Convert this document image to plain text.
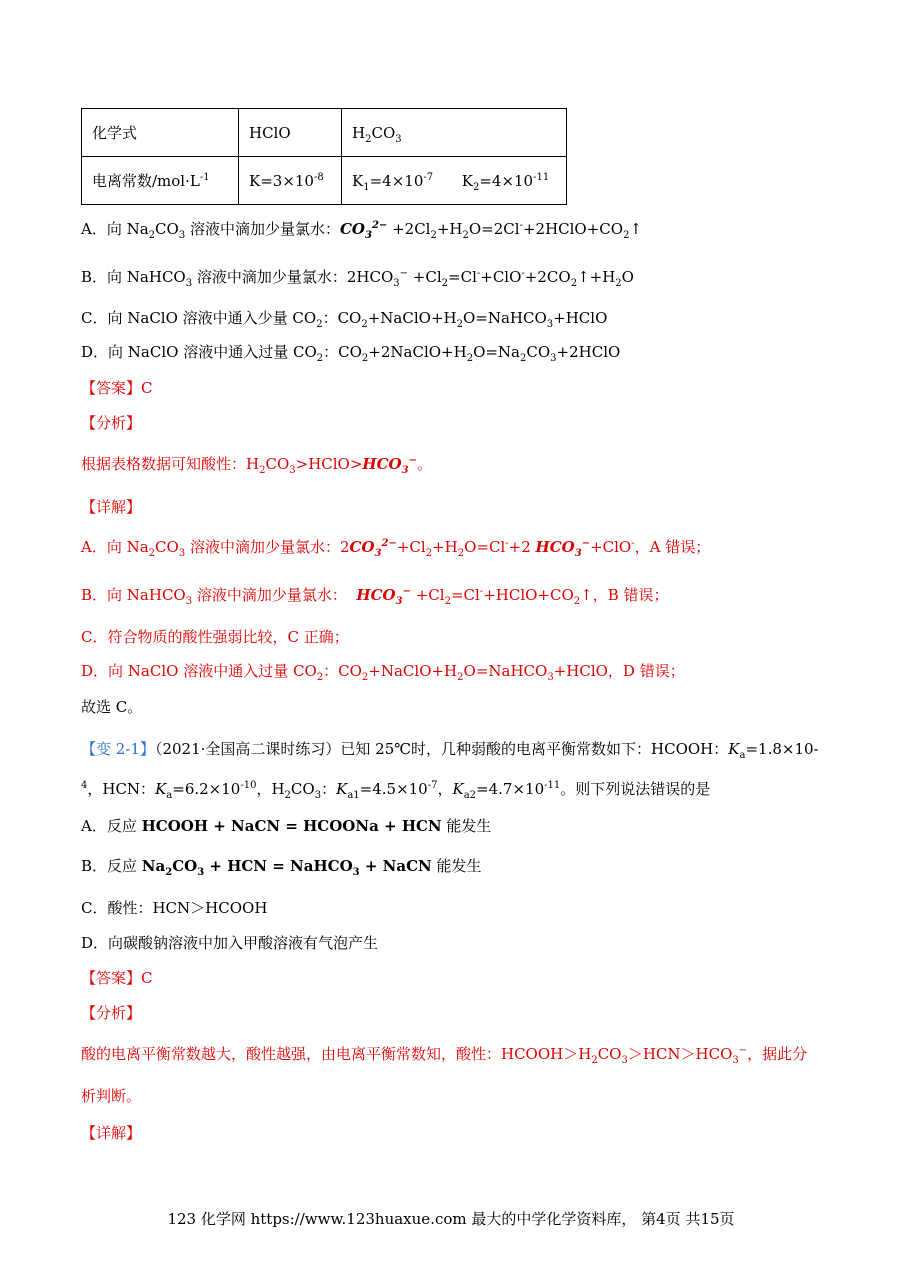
化学式	HClO	$H_2CO_3$
电离常数$/mol\cdot L^{-1}$	$K=3\times 10^{-8}$	$K_1=4\times 10^{-7}$      $K_2=4\times 10^{-11}$
A．向 $Na_2CO_3$ 溶液中滴加少量氯水：$CO_3^{2-}$ $+2Cl_2+H_2O=2Cl^-+2HClO+CO_2↑$
B．向 NaHCO$_3$ 溶液中滴加少量氯水：$2HCO_3^-$ $+Cl_2=Cl^-+ClO^-+2CO_2↑+H_2O$
C．向 NaClO 溶液中通入少量 $CO_2$：$CO_2+NaClO+H_2O=NaHCO_3+HClO$
D．向 NaClO 溶液中通入过量 $CO_2$：$CO_2+2NaClO+H_2O=Na_2CO_3+2HClO$
【答案】C
【分析】
根据表格数据可知酸性：$H_2CO_3>HClO>HCO_3^-$。
【详解】
A．向 $Na_2CO_3$ 溶液中滴加少量氯水：$2CO_3^{2-}+Cl_2+H_2O=Cl^-+2$ $HCO_3^-+ClO^-$，A 错误；
B．向 NaHCO$_3$ 溶液中滴加少量氯水：  $HCO_3^-$ $+Cl_2=Cl^-+HClO+CO_2↑$，B 错误；
C．符合物质的酸性强弱比较，C 正确；
D．向 NaClO 溶液中通入过量 $CO_2$：$CO_2+NaClO+H_2O=NaHCO_3+HClO$，D 错误；
故选 C。
【变 2-1】（2021·全国高二课时练习）已知 25℃时，几种弱酸的电离平衡常数如下：HCOOH：$K_a=1.8\times 10-$
$^4$，HCN：$K_a=6.2\times 10^{-10}$，$H_2CO_3$：$K_{a1}=4.5\times 10^{-7}$，$K_{a2}=4.7\times 10^{-11}$。则下列说法错误的是
A．反应 HCOOH + NaCN = HCOONa + HCN 能发生
B．反应 $Na_2CO_3$ + HCN = NaHCO$_3$ + NaCN 能发生
C．酸性：HCN＞HCOOH
D．向碳酸钠溶液中加入甲酸溶液有气泡产生
【答案】C
【分析】
酸的电离平衡常数越大，酸性越强，由电离平衡常数知，酸性：$HCOOH>H_2CO_3>HCN>HCO_3^-$，据此分
析判断。
【详解】
123 化学网 https://www.123huaxue.com 最大的中学化学资料库， 第4页 共15页
